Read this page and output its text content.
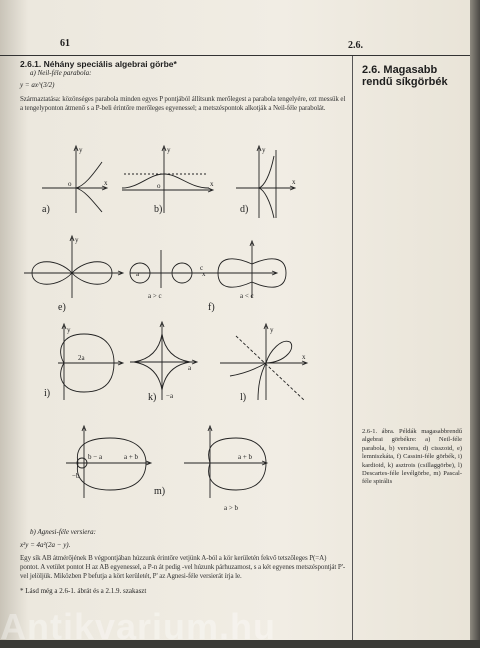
61	2.6.
2.6.1. Néhány speciális algebrai görbe*
a) Neil-féle parabola:
y = ax^(3/2)
Származtatása: közönséges parabola minden egyes P pontjából állítsunk merőlegest a parabola tengelyére, ezt messük el a tengelyponton átmenő s a P-beli érintőre merőleges egyenessel; a metszéspontok alkotják a Neil-féle parabolát.
2.6. Magasabb rendű síkgörbék
a)
y
x
o
b)
y
x
o
d)
y
x
e)
y
f)
a > c	a < c
a
c
x
i)
2a
y
k) −a
a
l)
y
x
m)
b − a	a + b
−b
a + b
a > b
2.6-1. ábra. Példák magasabbrendű algebrai görbékre: a) Neil-féle parabola, b) versiera, d) cisszoid, e) lemniszkáta, f) Cassini-féle görbék, i) kardioid, k) asztrois (csillaggörbe), l) Descartes-féle levélgörbe, m) Pascal-féle spirális
b) Agnesi-féle versiera:
x²y = 4a²(2a − y).
Egy sík AB átmérőjének B végpontjában húzzunk érintőre vetjünk A-ból a kör kerületén fekvő tetszőleges P(=A) pontot. A vetület pontot H az AB egyenessel, a P-n át pedig -vel húzunk párhuzamost, s a két egyenes metszéspontját P'-vel jelöljük. Miközben P befutja a kört kerületét, P' az Agnesi-féle versierát írja le.
* Lásd még a 2.6-1. ábrát és a 2.1.9. szakaszt
Antikvarium.hu
